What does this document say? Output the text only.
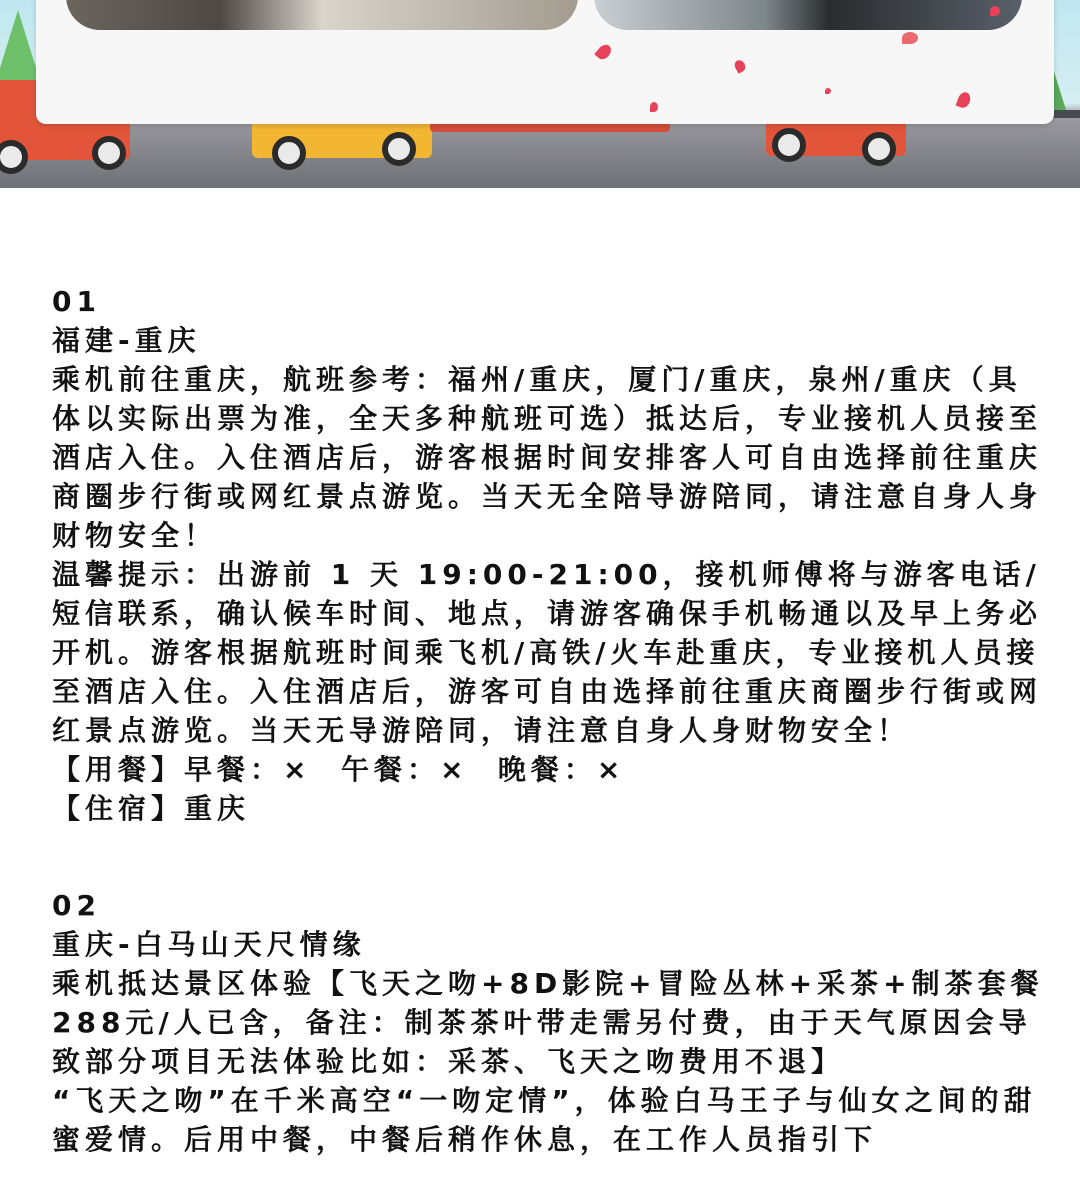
01

福建-重庆

乘机前往重庆，航班参考：福州/重庆，厦门/重庆，泉州/重庆（具体以实际出票为准，全天多种航班可选）抵达后，专业接机人员接至酒店入住。入住酒店后，游客根据时间安排客人可自由选择前往重庆商圈步行街或网红景点游览。当天无全陪导游陪同，请注意自身人身财物安全！

温馨提示：出游前 1 天 19:00-21:00，接机师傅将与游客电话/短信联系，确认候车时间、地点，请游客确保手机畅通以及早上务必开机。游客根据航班时间乘飞机/高铁/火车赴重庆，专业接机人员接至酒店入住。入住酒店后，游客可自由选择前往重庆商圈步行街或网红景点游览。当天无导游陪同，请注意自身人身财物安全！

【用餐】早餐：×  午餐：×  晚餐：×

【住宿】重庆

02

重庆-白马山天尺情缘

乘机抵达景区体验【飞天之吻+8D影院+冒险丛林+采茶+制茶套餐288元/人已含，备注：制茶茶叶带走需另付费，由于天气原因会导致部分项目无法体验比如：采茶、飞天之吻费用不退】

“飞天之吻”在千米高空“一吻定情”，体验白马王子与仙女之间的甜蜜爱情。后用中餐，中餐后稍作休息，在工作人员指引下
